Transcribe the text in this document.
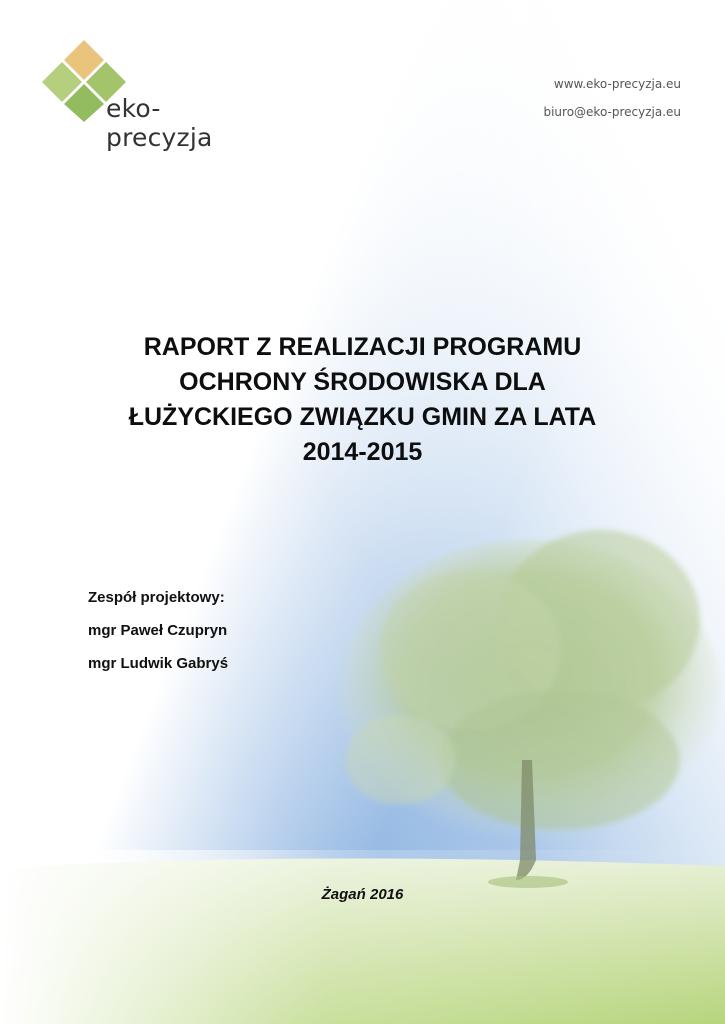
eko-precyzja
www.eko-precyzja.eu
biuro@eko-precyzja.eu
RAPORT Z REALIZACJI PROGRAMU
OCHRONY ŚRODOWISKA DLA
ŁUŻYCKIEGO ZWIĄZKU GMIN ZA LATA
2014-2015
Zespół projektowy:
mgr Paweł Czupryn
mgr Ludwik Gabryś
Żagań 2016
